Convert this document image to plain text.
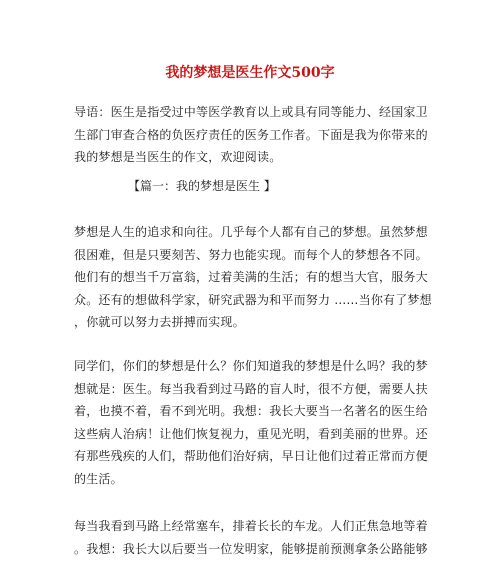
我的梦想是医生作文500字
导语：医生是指受过中等医学教育以上或具有同等能力、经国家卫
生部门审查合格的负医疗责任的医务工作者。下面是我为你带来的
我的梦想是当医生的作文，欢迎阅读。
【篇一：我的梦想是医生 】
梦想是人生的追求和向往。几乎每个人都有自己的梦想。虽然梦想
很困难，但是只要刻苦、努力也能实现。而每个人的梦想各不同。
他们有的想当千万富翁，过着美满的生活；有的想当大官，服务大
众。还有的想做科学家，研究武器为和平而努力 ……当你有了梦想
，你就可以努力去拼搏而实现。
同学们，你们的梦想是什么？你们知道我的梦想是什么吗？我的梦
想就是：医生。每当我看到过马路的盲人时，很不方便，需要人扶
着，也摸不着，看不到光明。我想：我长大要当一名著名的医生给
这些病人治病！让他们恢复视力，重见光明，看到美丽的世界。还
有那些残疾的人们，帮助他们治好病，早日让他们过着正常而方便
的生活。
每当我看到马路上经常塞车，排着长长的车龙。人们正焦急地等着
。我想：我长大以后要当一位发明家，能够提前预测拿条公路能够
